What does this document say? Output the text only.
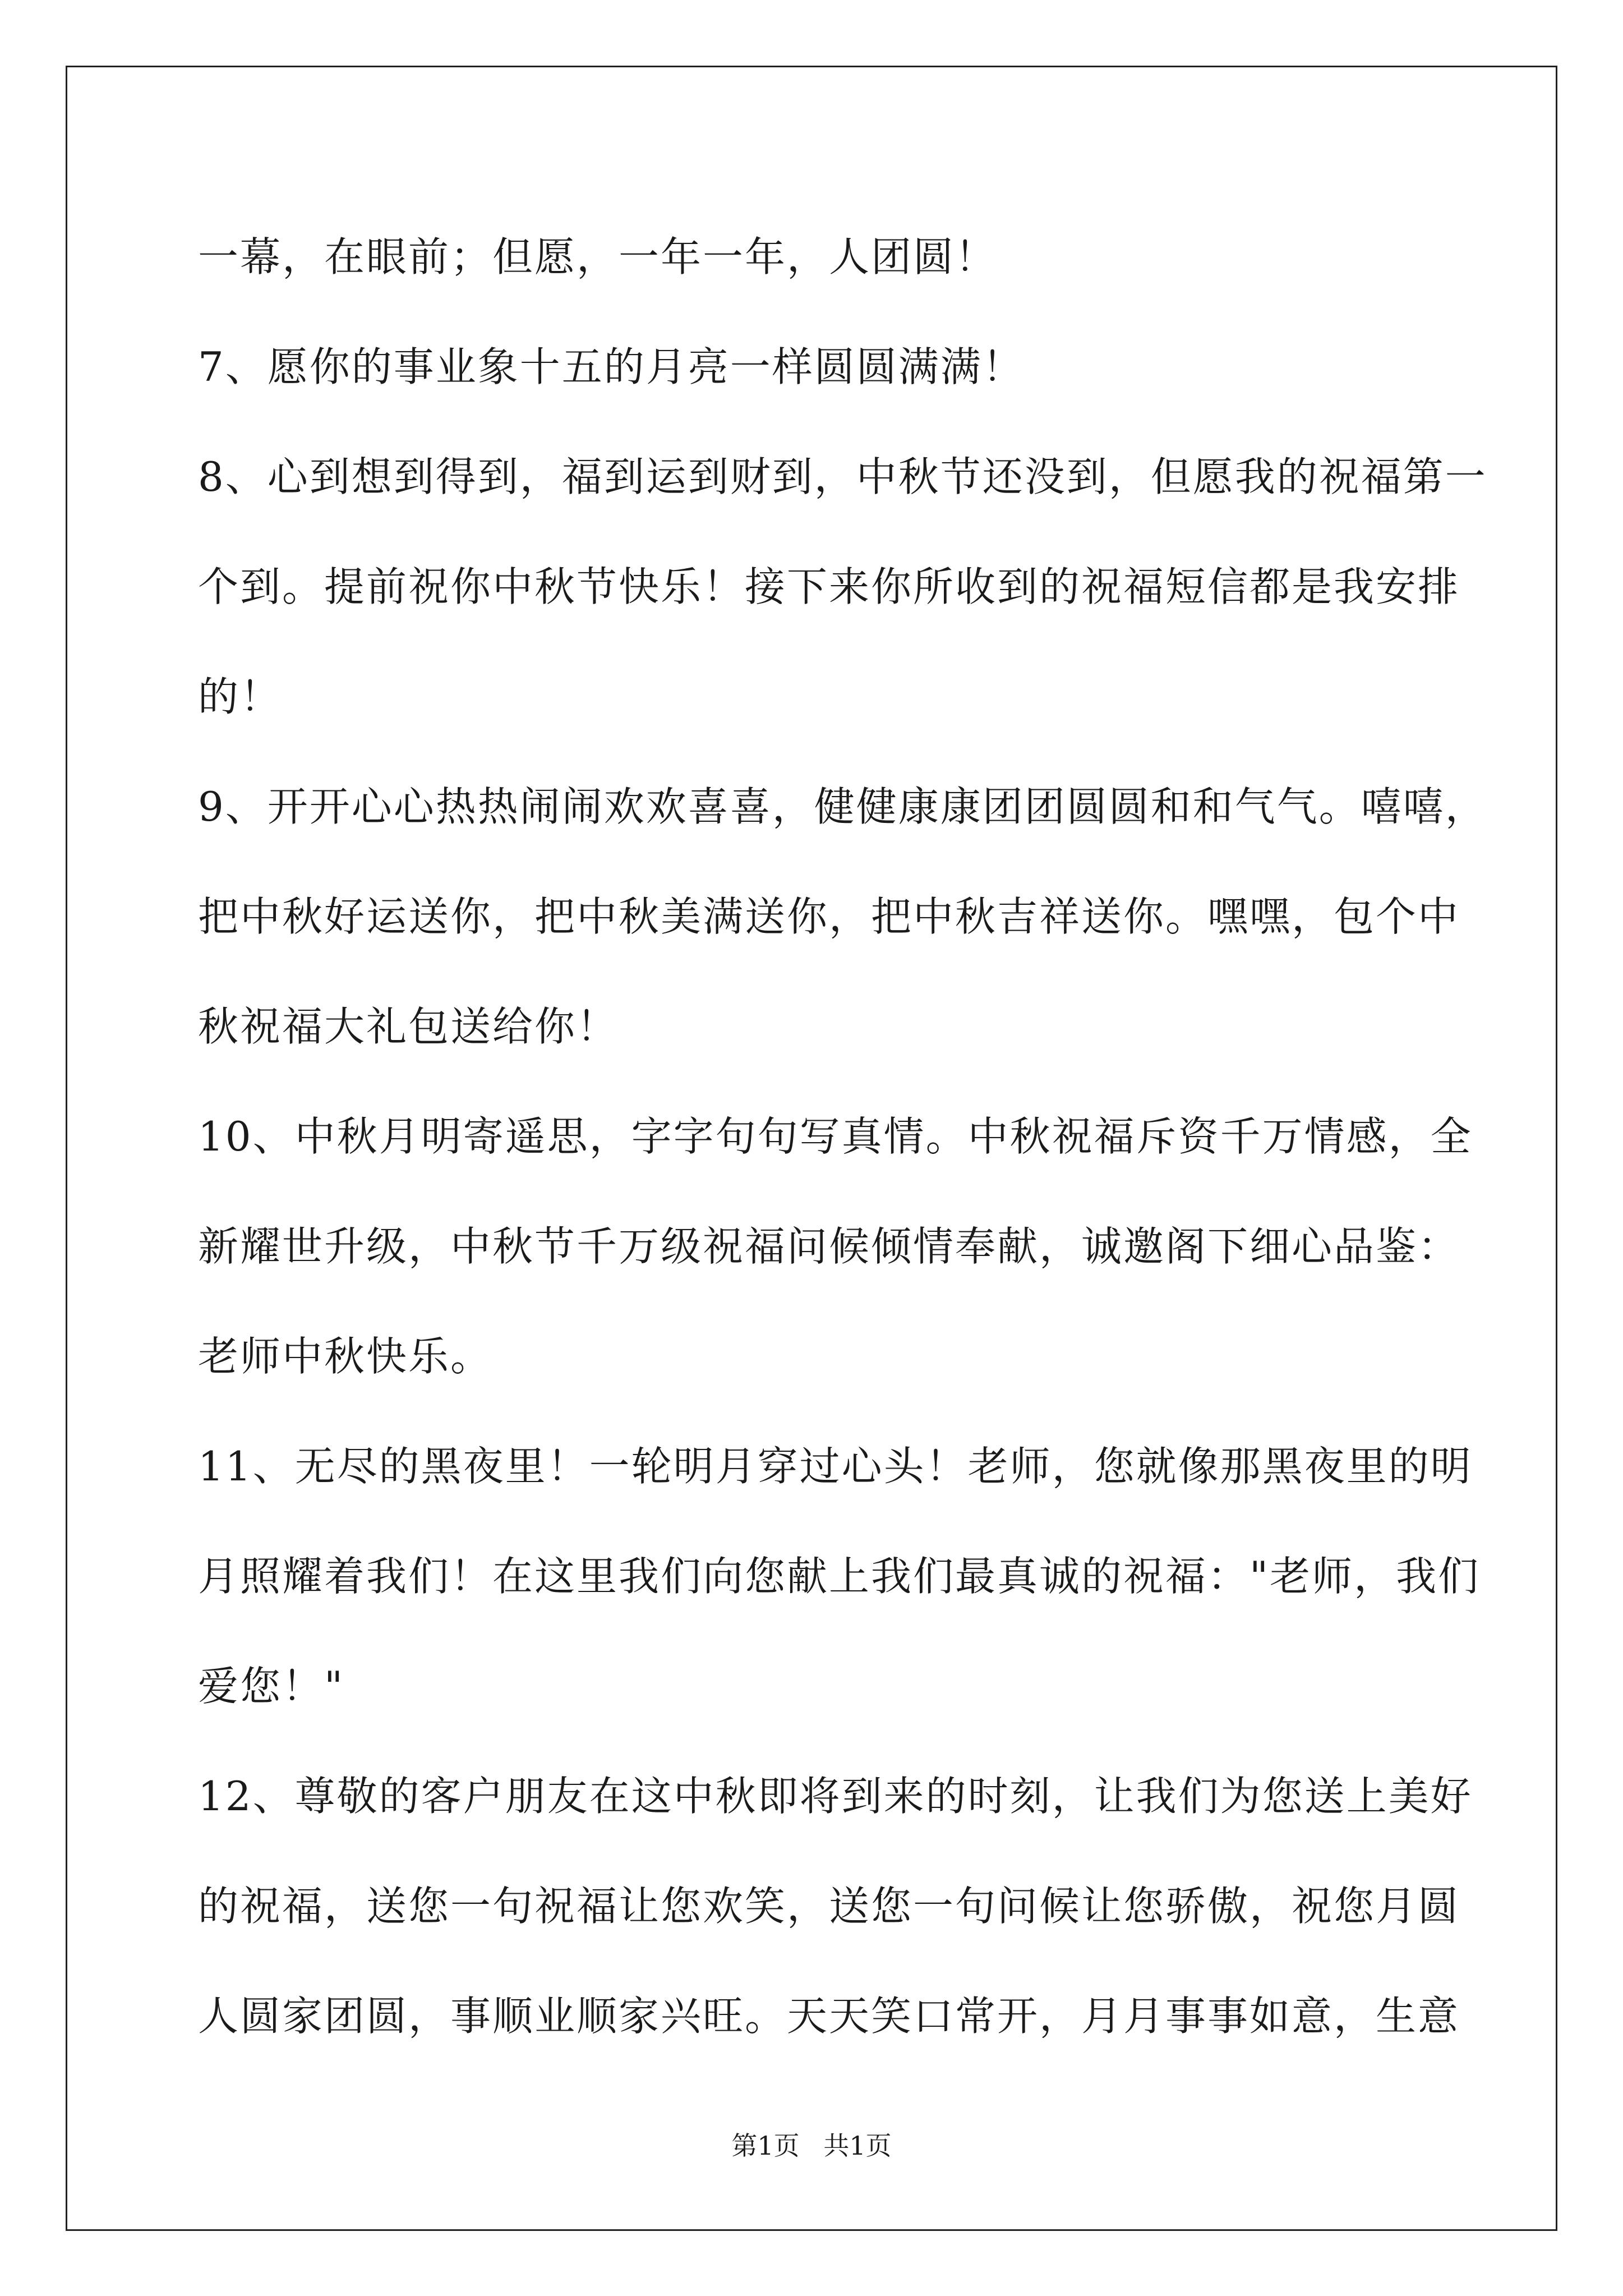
一幕，在眼前；但愿，一年一年，人团圆！
7、愿你的事业象十五的月亮一样圆圆满满！
8、心到想到得到，福到运到财到，中秋节还没到，但愿我的祝福第一
个到。提前祝你中秋节快乐！接下来你所收到的祝福短信都是我安排
的！
9、开开心心热热闹闹欢欢喜喜，健健康康团团圆圆和和气气。嘻嘻，
把中秋好运送你，把中秋美满送你，把中秋吉祥送你。嘿嘿，包个中
秋祝福大礼包送给你！
10、中秋月明寄遥思，字字句句写真情。中秋祝福斥资千万情感，全
新耀世升级，中秋节千万级祝福问候倾情奉献，诚邀阁下细心品鉴：
老师中秋快乐。
11、无尽的黑夜里！一轮明月穿过心头！老师，您就像那黑夜里的明
月照耀着我们！在这里我们向您献上我们最真诚的祝福："老师，我们
爱您！"
12、尊敬的客户朋友在这中秋即将到来的时刻，让我们为您送上美好
的祝福，送您一句祝福让您欢笑，送您一句问候让您骄傲，祝您月圆
人圆家团圆，事顺业顺家兴旺。天天笑口常开，月月事事如意，生意
第1页 共1页
